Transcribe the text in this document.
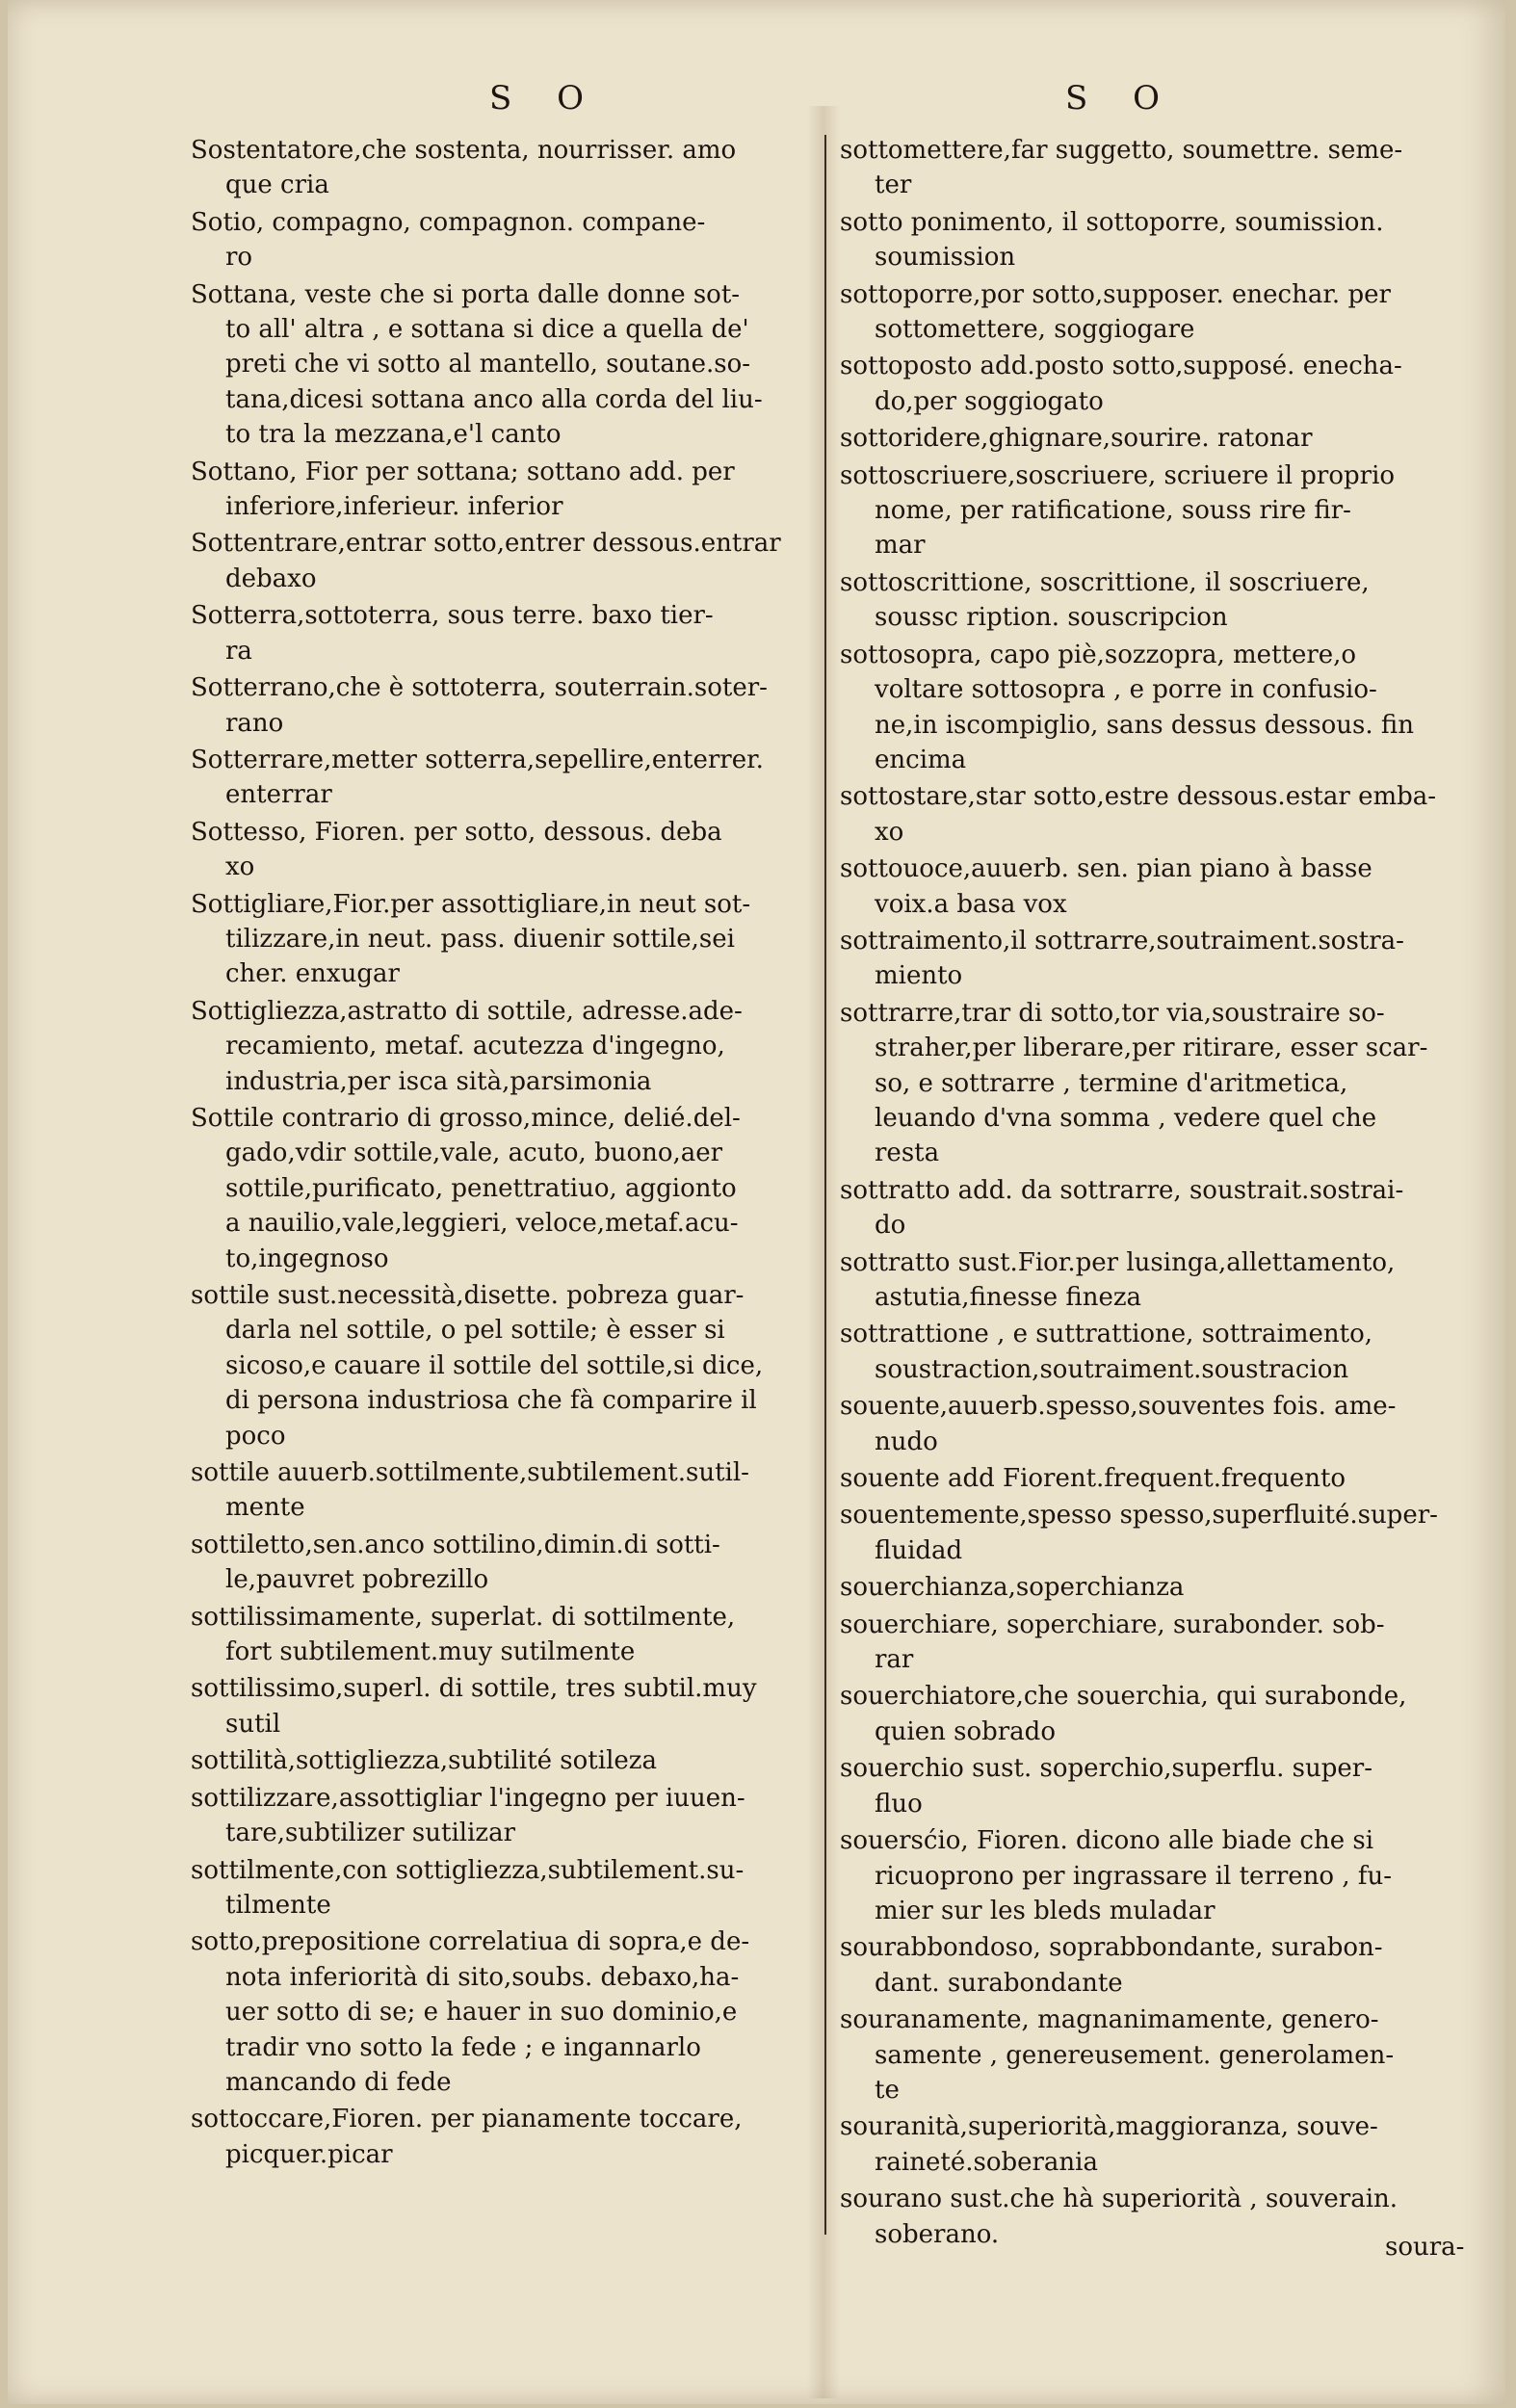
S O	S O
Sostentatore,che sostenta, nourrisser. amo
que cria
Sotio, compagno, compagnon. compane-
ro
Sottana, veste che si porta dalle donne sot-
to all' altra , e sottana si dice a quella de'
preti che vi sotto al mantello, soutane.so-
tana,dicesi sottana anco alla corda del liu-
to tra la mezzana,e'l canto
Sottano, Fior per sottana; sottano add. per
inferiore,inferieur. inferior
Sottentrare,entrar sotto,entrer dessous.entrar
debaxo
Sotterra,sottoterra, sous terre. baxo tier-
ra
Sotterrano,che è sottoterra, souterrain.soter-
rano
Sotterrare,metter sotterra,sepellire,enterrer.
enterrar
Sottesso, Fioren. per sotto, dessous. deba
xo
Sottigliare,Fior.per assottigliare,in neut sot-
tilizzare,in neut. pass. diuenir sottile,sei
cher. enxugar
Sottigliezza,astratto di sottile, adresse.ade-
recamiento, metaf. acutezza d'ingegno,
industria,per isca sità,parsimonia
Sottile contrario di grosso,mince, delié.del-
gado,vdir sottile,vale, acuto, buono,aer
sottile,purificato, penettratiuo, aggionto
a nauilio,vale,leggieri, veloce,metaf.acu-
to,ingegnoso
sottile sust.necessità,disette. pobreza guar-
darla nel sottile, o pel sottile; è esser si
sicoso,e cauare il sottile del sottile,si dice,
di persona industriosa che fà comparire il
poco
sottile auuerb.sottilmente,subtilement.sutil-
mente
sottiletto,sen.anco sottilino,dimin.di sotti-
le,pauvret pobrezillo
sottilissimamente, superlat. di sottilmente,
fort subtilement.muy sutilmente
sottilissimo,superl. di sottile, tres subtil.muy
sutil
sottilità,sottigliezza,subtilité sotileza
sottilizzare,assottigliar l'ingegno per iuuen-
tare,subtilizer sutilizar
sottilmente,con sottigliezza,subtilement.su-
tilmente
sotto,prepositione correlatiua di sopra,e de-
nota inferiorità di sito,soubs. debaxo,ha-
uer sotto di se; e hauer in suo dominio,e
tradir vno sotto la fede ; e ingannarlo
mancando di fede
sottoccare,Fioren. per pianamente toccare,
picquer.picar
sottomettere,far suggetto, soumettre. seme-
ter
sotto ponimento, il sottoporre, soumission.
soumission
sottoporre,por sotto,supposer. enechar. per
sottomettere, soggiogare
sottoposto add.posto sotto,supposé. enecha-
do,per soggiogato
sottoridere,ghignare,sourire. ratonar
sottoscriuere,soscriuere, scriuere il proprio
nome, per ratificatione, souss rire fir-
mar
sottoscrittione, soscrittione, il soscriuere,
soussc ription. souscripcion
sottosopra, capo piè,sozzopra, mettere,o
voltare sottosopra , e porre in confusio-
ne,in iscompiglio, sans dessus dessous. fin
encima
sottostare,star sotto,estre dessous.estar emba-
xo
sottouoce,auuerb. sen. pian piano à basse
voix.a basa vox
sottraimento,il sottrarre,soutraiment.sostra-
miento
sottrarre,trar di sotto,tor via,soustraire so-
straher,per liberare,per ritirare, esser scar-
so, e sottrarre , termine d'aritmetica,
leuando d'vna somma , vedere quel che
resta
sottratto add. da sottrarre, soustrait.sostrai-
do
sottratto sust.Fior.per lusinga,allettamento,
astutia,finesse fineza
sottrattione , e suttrattione, sottraimento,
soustraction,soutraiment.soustracion
souente,auuerb.spesso,souventes fois. ame-
nudo
souente add Fiorent.frequent.frequento
souentemente,spesso spesso,superfluité.super-
fluidad
souerchianza,soperchianza
souerchiare, soperchiare, surabonder. sob-
rar
souerchiatore,che souerchia, qui surabonde,
quien sobrado
souerchio sust. soperchio,superflu. super-
fluo
souersćio, Fioren. dicono alle biade che si
ricuoprono per ingrassare il terreno , fu-
mier sur les bleds muladar
sourabbondoso, soprabbondante, surabon-
dant. surabondante
souranamente, magnanimamente, genero-
samente , genereusement. generolamen-
te
souranità,superiorità,maggioranza, souve-
raineté.soberania
sourano sust.che hà superiorità , souverain.
soberano.	soura-
